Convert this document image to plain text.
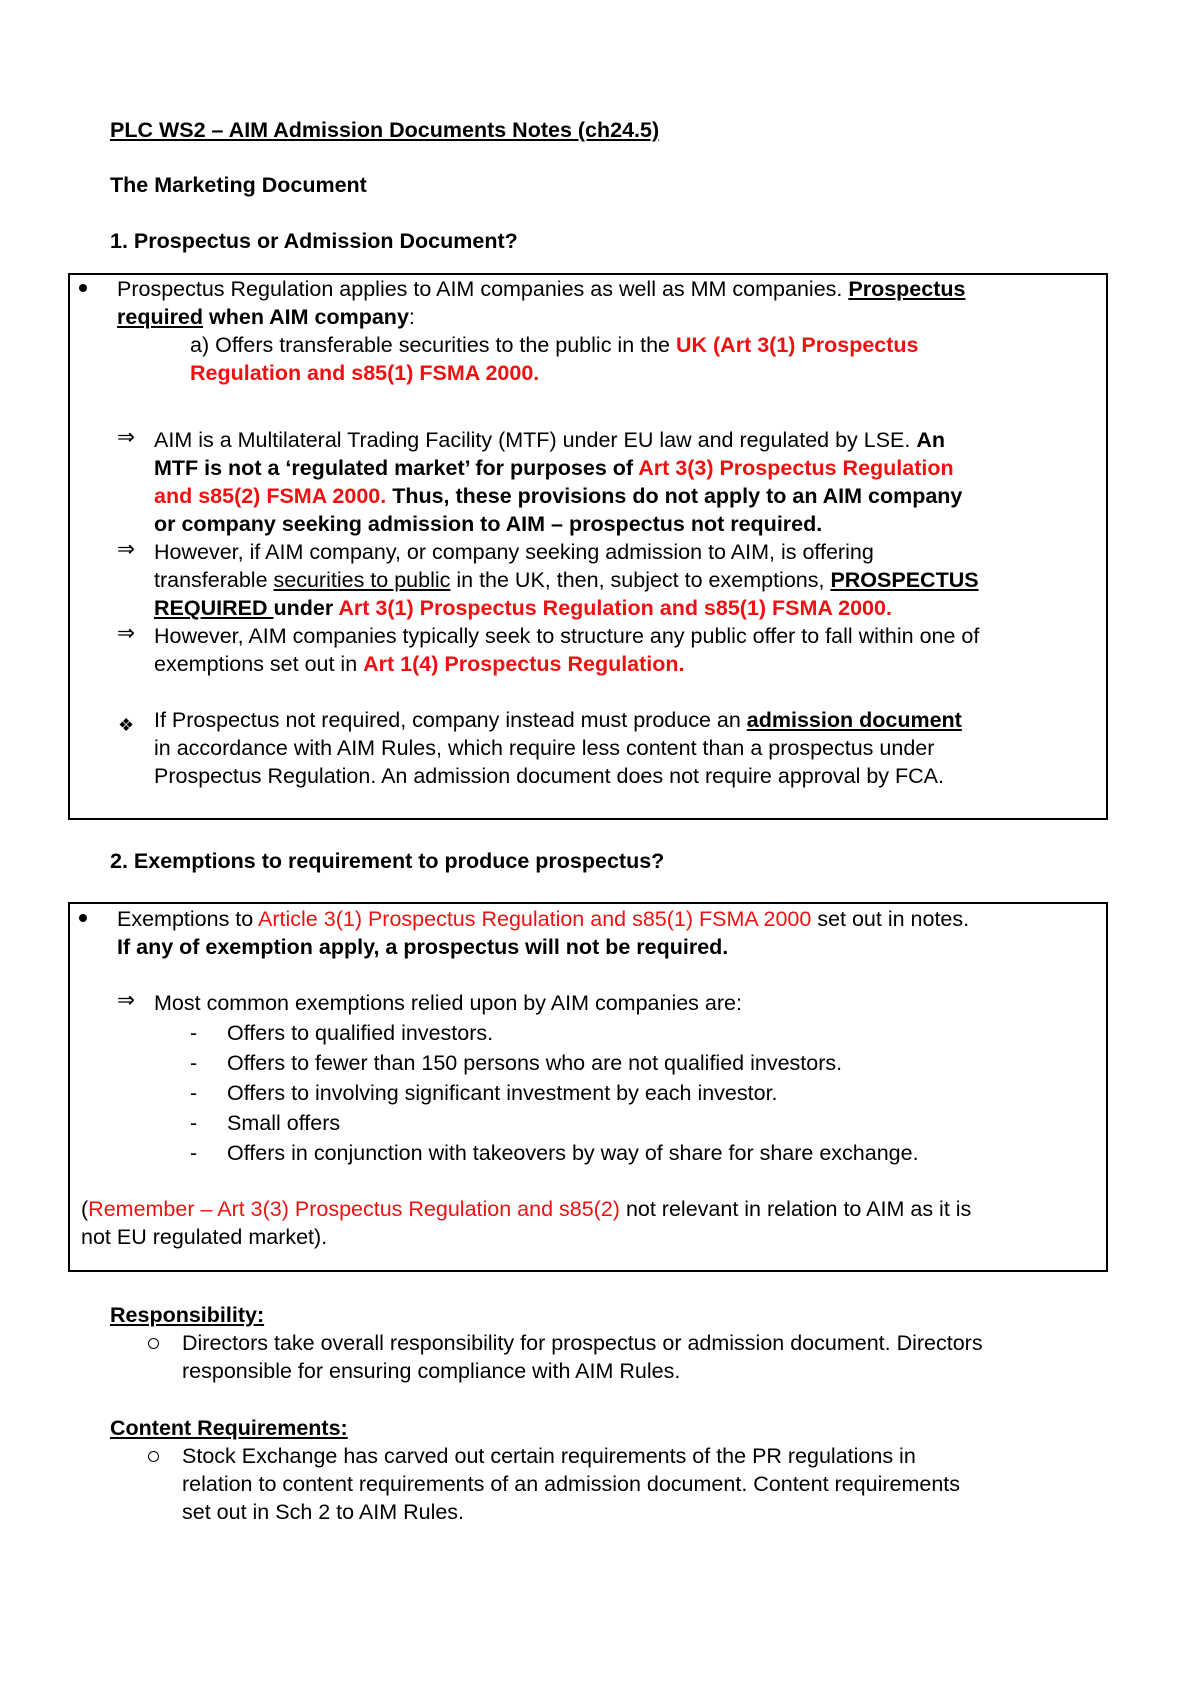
PLC WS2 – AIM Admission Documents Notes (ch24.5)
The Marketing Document
1. Prospectus or Admission Document?
Prospectus Regulation applies to AIM companies as well as MM companies. Prospectus
required when AIM company:
a) Offers transferable securities to the public in the UK (Art 3(1) Prospectus
Regulation and s85(1) FSMA 2000.
⇒ AIM is a Multilateral Trading Facility (MTF) under EU law and regulated by LSE. An
MTF is not a ‘regulated market’ for purposes of Art 3(3) Prospectus Regulation
and s85(2) FSMA 2000. Thus, these provisions do not apply to an AIM company
or company seeking admission to AIM – prospectus not required.
⇒ However, if AIM company, or company seeking admission to AIM, is offering
transferable securities to public in the UK, then, subject to exemptions, PROSPECTUS
REQUIRED under Art 3(1) Prospectus Regulation and s85(1) FSMA 2000.
⇒ However, AIM companies typically seek to structure any public offer to fall within one of
exemptions set out in Art 1(4) Prospectus Regulation.
❖ If Prospectus not required, company instead must produce an admission document
in accordance with AIM Rules, which require less content than a prospectus under
Prospectus Regulation. An admission document does not require approval by FCA.
2. Exemptions to requirement to produce prospectus?
Exemptions to Article 3(1) Prospectus Regulation and s85(1) FSMA 2000 set out in notes.
If any of exemption apply, a prospectus will not be required.
⇒ Most common exemptions relied upon by AIM companies are:
- Offers to qualified investors.
- Offers to fewer than 150 persons who are not qualified investors.
- Offers to involving significant investment by each investor.
- Small offers
- Offers in conjunction with takeovers by way of share for share exchange.
(Remember – Art 3(3) Prospectus Regulation and s85(2) not relevant in relation to AIM as it is
not EU regulated market).
Responsibility:
Directors take overall responsibility for prospectus or admission document. Directors
responsible for ensuring compliance with AIM Rules.
Content Requirements:
Stock Exchange has carved out certain requirements of the PR regulations in
relation to content requirements of an admission document. Content requirements
set out in Sch 2 to AIM Rules.
